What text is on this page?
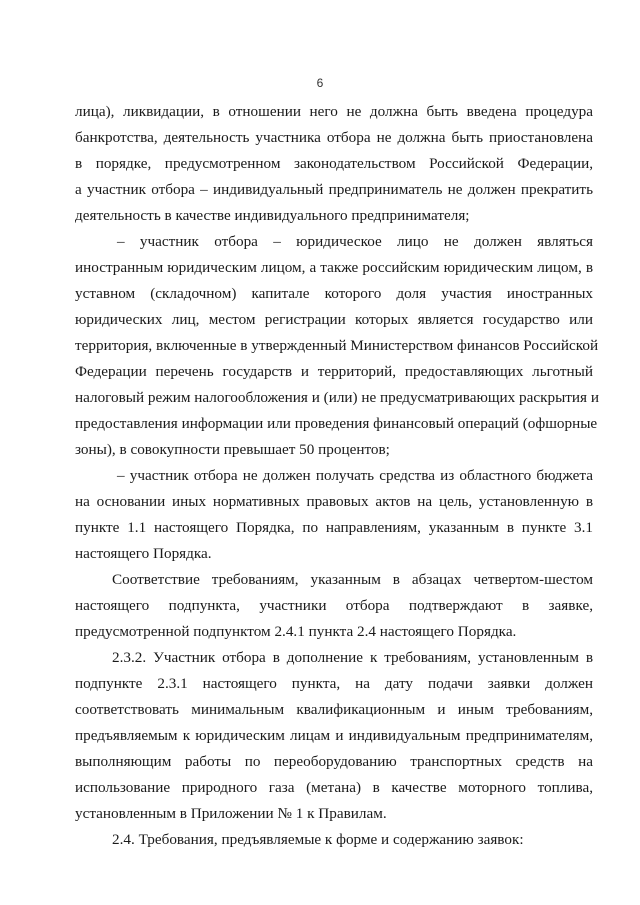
6
лица), ликвидации, в отношении него не должна быть введена процедура
банкротства, деятельность участника отбора не должна быть приостановлена
в порядке, предусмотренном законодательством Российской Федерации,
а участник отбора – индивидуальный предприниматель не должен прекратить
деятельность в качестве индивидуального предпринимателя;
– участник отбора – юридическое лицо не должен являться
иностранным юридическим лицом, а также российским юридическим лицом, в
уставном (складочном) капитале которого доля участия иностранных
юридических лиц, местом регистрации которых является государство или
территория, включенные в утвержденный Министерством финансов Российской
Федерации перечень государств и территорий, предоставляющих льготный
налоговый режим налогообложения и (или) не предусматривающих раскрытия и
предоставления информации или проведения финансовый операций (офшорные
зоны), в совокупности превышает 50 процентов;
– участник отбора не должен получать средства из областного бюджета
на основании иных нормативных правовых актов на цель, установленную в
пункте 1.1 настоящего Порядка, по направлениям, указанным в пункте 3.1
настоящего Порядка.
Соответствие требованиям, указанным в абзацах четвертом-шестом
настоящего подпункта, участники отбора подтверждают в заявке,
предусмотренной подпунктом 2.4.1 пункта 2.4 настоящего Порядка.
2.3.2. Участник отбора в дополнение к требованиям, установленным в
подпункте 2.3.1 настоящего пункта, на дату подачи заявки должен
соответствовать минимальным квалификационным и иным требованиям,
предъявляемым к юридическим лицам и индивидуальным предпринимателям,
выполняющим работы по переоборудованию транспортных средств на
использование природного газа (метана) в качестве моторного топлива,
установленным в Приложении № 1 к Правилам.
2.4. Требования, предъявляемые к форме и содержанию заявок:
